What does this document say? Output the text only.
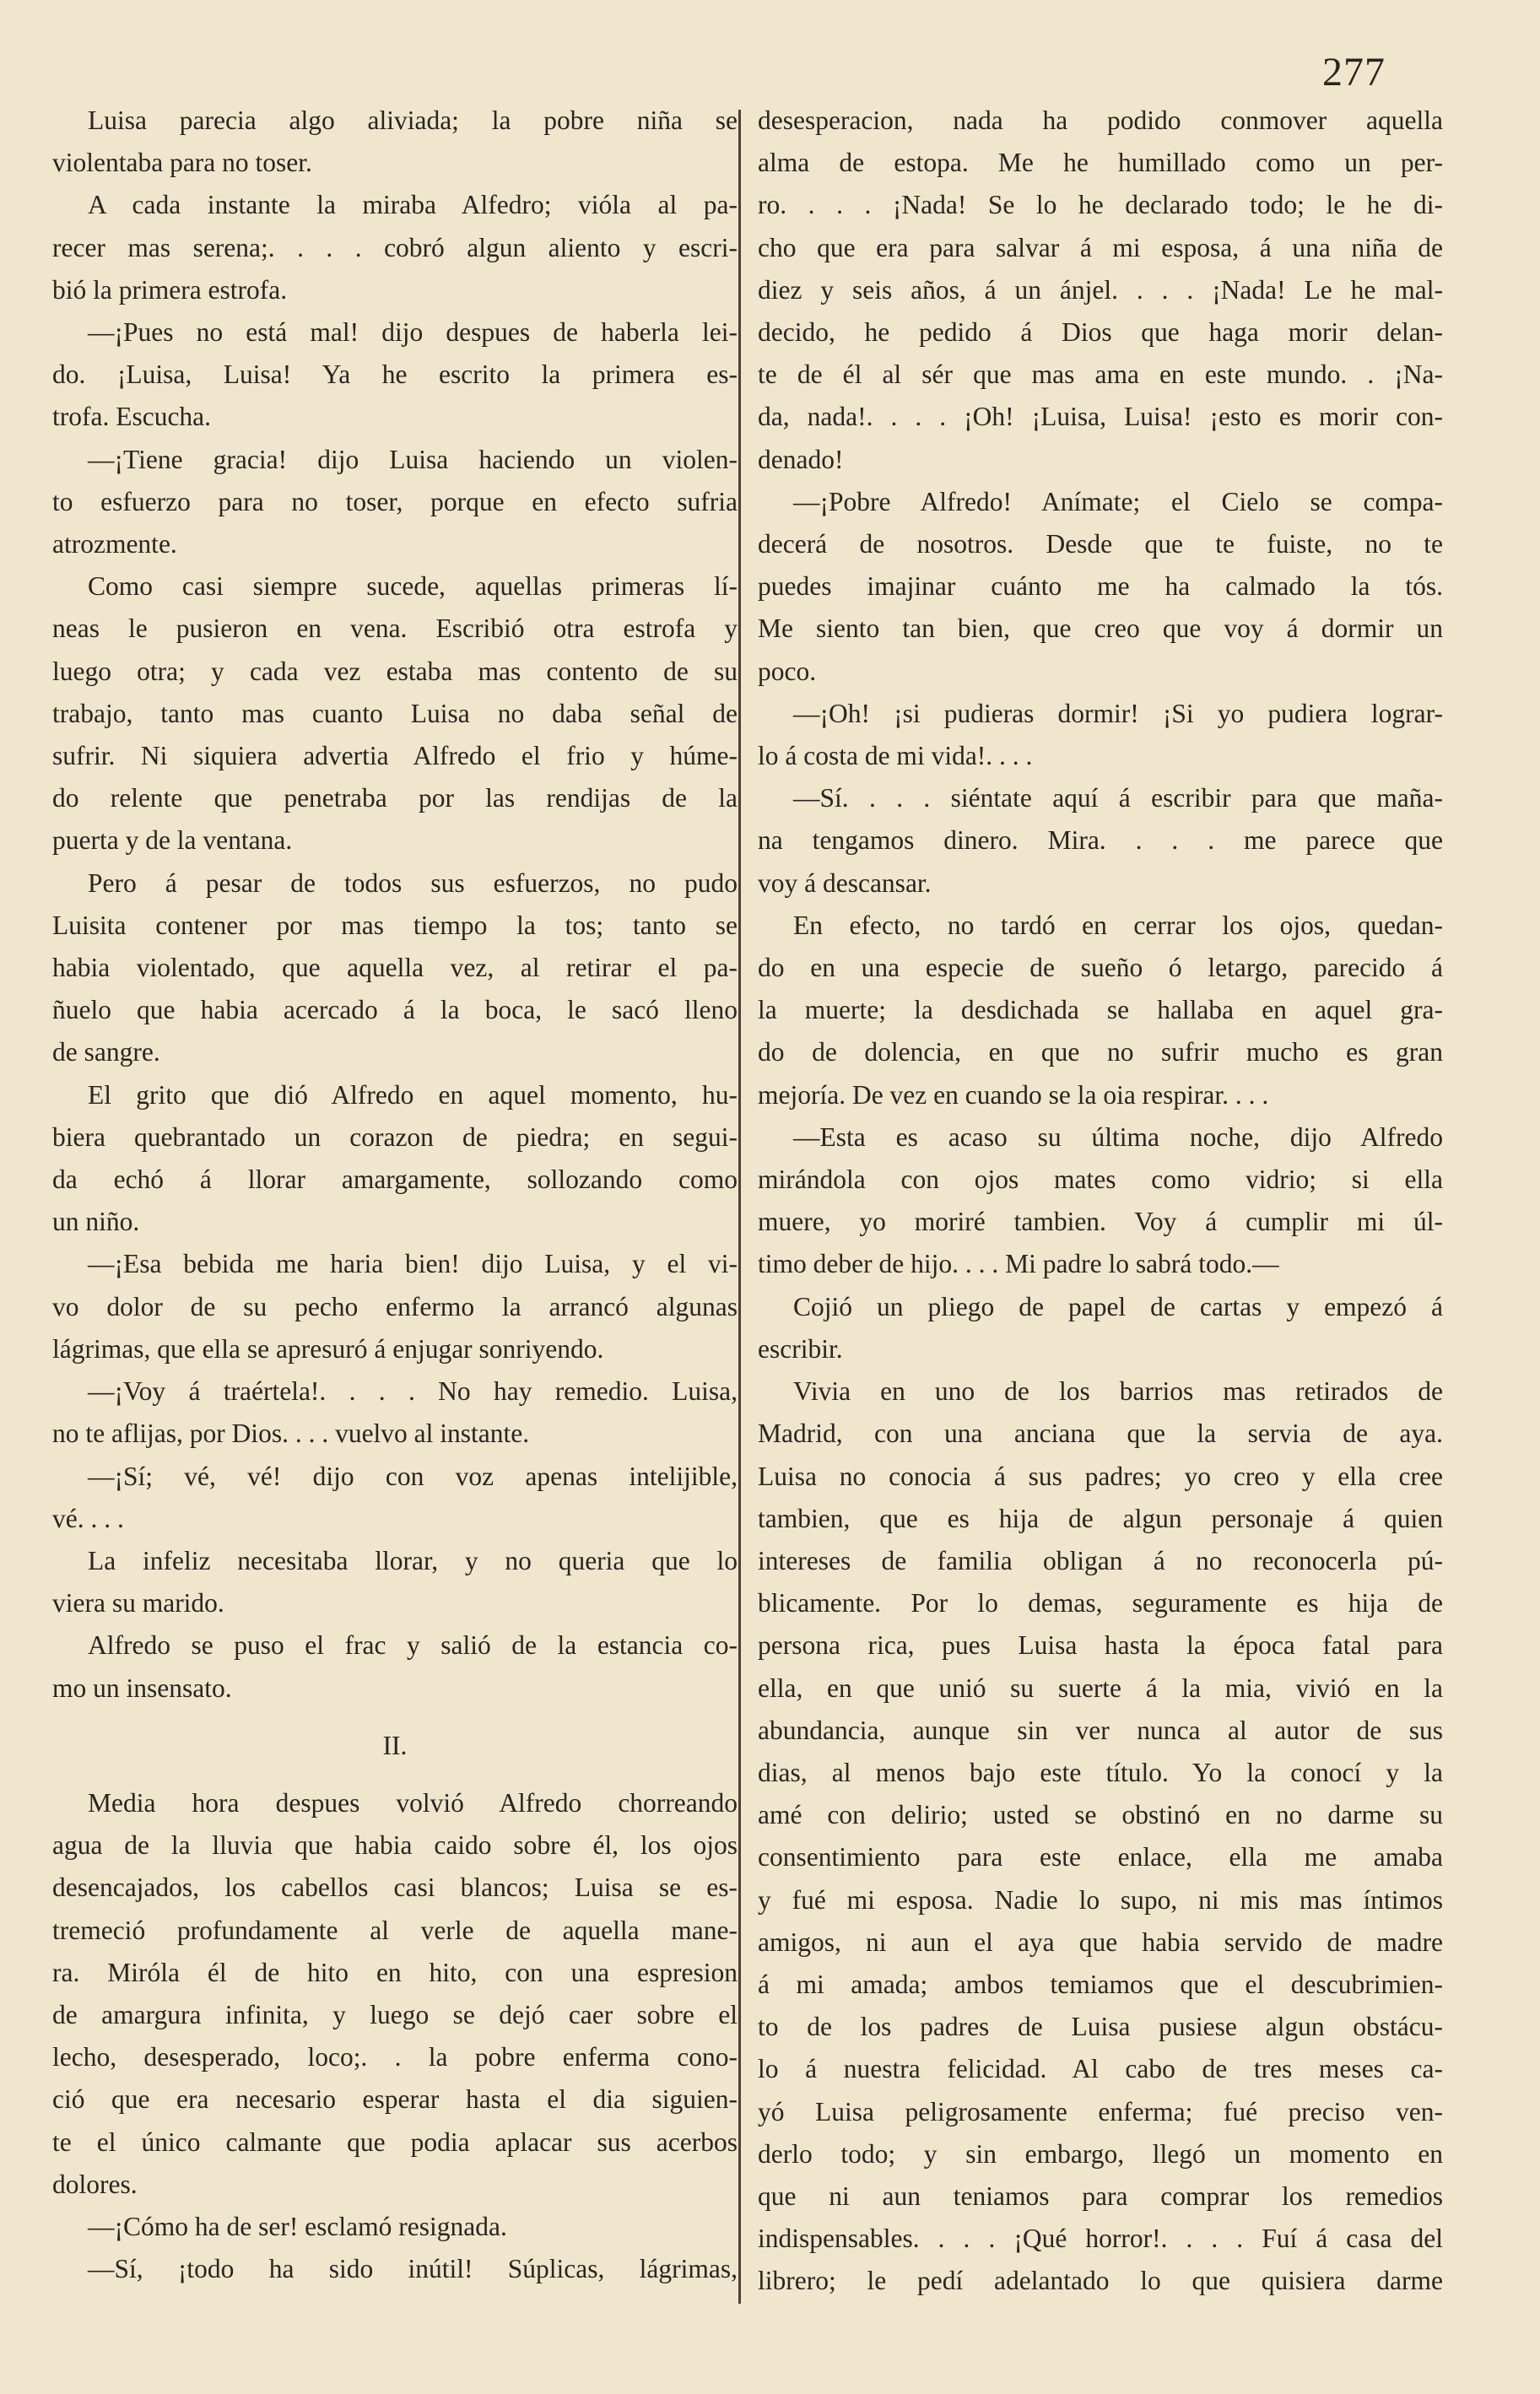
277

Luisa parecia algo aliviada; la pobre niña se

violentaba para no toser.

A cada instante la miraba Alfedro; vióla al pa-

recer mas serena;. . . . cobró algun aliento y escri-

bió la primera estrofa.

—¡Pues no está mal! dijo despues de haberla lei-

do. ¡Luisa, Luisa! Ya he escrito la primera es-

trofa. Escucha.

—¡Tiene gracia! dijo Luisa haciendo un violen-

to esfuerzo para no toser, porque en efecto sufria

atrozmente.

Como casi siempre sucede, aquellas primeras lí-

neas le pusieron en vena. Escribió otra estrofa y

luego otra; y cada vez estaba mas contento de su

trabajo, tanto mas cuanto Luisa no daba señal de

sufrir. Ni siquiera advertia Alfredo el frio y húme-

do relente que penetraba por las rendijas de la

puerta y de la ventana.

Pero á pesar de todos sus esfuerzos, no pudo

Luisita contener por mas tiempo la tos; tanto se

habia violentado, que aquella vez, al retirar el pa-

ñuelo que habia acercado á la boca, le sacó lleno

de sangre.

El grito que dió Alfredo en aquel momento, hu-

biera quebrantado un corazon de piedra; en segui-

da echó á llorar amargamente, sollozando como

un niño.

—¡Esa bebida me haria bien! dijo Luisa, y el vi-

vo dolor de su pecho enfermo la arrancó algunas

lágrimas, que ella se apresuró á enjugar sonriyendo.

—¡Voy á traértela!. . . . No hay remedio. Luisa,

no te aflijas, por Dios. . . . vuelvo al instante.

—¡Sí; vé, vé! dijo con voz apenas intelijible,

vé. . . .

La infeliz necesitaba llorar, y no queria que lo

viera su marido.

Alfredo se puso el frac y salió de la estancia co-

mo un insensato.

II.

Media hora despues volvió Alfredo chorreando

agua de la lluvia que habia caido sobre él, los ojos

desencajados, los cabellos casi blancos; Luisa se es-

tremeció profundamente al verle de aquella mane-

ra. Miróla él de hito en hito, con una espresion

de amargura infinita, y luego se dejó caer sobre el

lecho, desesperado, loco;. . la pobre enferma cono-

ció que era necesario esperar hasta el dia siguien-

te el único calmante que podia aplacar sus acerbos

dolores.

—¡Cómo ha de ser! esclamó resignada.

—Sí, ¡todo ha sido inútil! Súplicas, lágrimas,

desesperacion, nada ha podido conmover aquella

alma de estopa. Me he humillado como un per-

ro. . . . ¡Nada! Se lo he declarado todo; le he di-

cho que era para salvar á mi esposa, á una niña de

diez y seis años, á un ánjel. . . . ¡Nada! Le he mal-

decido, he pedido á Dios que haga morir delan-

te de él al sér que mas ama en este mundo. . ¡Na-

da, nada!. . . . ¡Oh! ¡Luisa, Luisa! ¡esto es morir con-

denado!

—¡Pobre Alfredo! Anímate; el Cielo se compa-

decerá de nosotros. Desde que te fuiste, no te

puedes imajinar cuánto me ha calmado la tós.

Me siento tan bien, que creo que voy á dormir un

poco.

—¡Oh! ¡si pudieras dormir! ¡Si yo pudiera lograr-

lo á costa de mi vida!. . . .

—Sí. . . . siéntate aquí á escribir para que maña-

na tengamos dinero. Mira. . . . me parece que

voy á descansar.

En efecto, no tardó en cerrar los ojos, quedan-

do en una especie de sueño ó letargo, parecido á

la muerte; la desdichada se hallaba en aquel gra-

do de dolencia, en que no sufrir mucho es gran

mejoría. De vez en cuando se la oia respirar. . . .

—Esta es acaso su última noche, dijo Alfredo

mirándola con ojos mates como vidrio; si ella

muere, yo moriré tambien. Voy á cumplir mi úl-

timo deber de hijo. . . . Mi padre lo sabrá todo.—

Cojió un pliego de papel de cartas y empezó á

escribir.

Vivia en uno de los barrios mas retirados de

Madrid, con una anciana que la servia de aya.

Luisa no conocia á sus padres; yo creo y ella cree

tambien, que es hija de algun personaje á quien

intereses de familia obligan á no reconocerla pú-

blicamente. Por lo demas, seguramente es hija de

persona rica, pues Luisa hasta la época fatal para

ella, en que unió su suerte á la mia, vivió en la

abundancia, aunque sin ver nunca al autor de sus

dias, al menos bajo este título. Yo la conocí y la

amé con delirio; usted se obstinó en no darme su

consentimiento para este enlace, ella me amaba

y fué mi esposa. Nadie lo supo, ni mis mas íntimos

amigos, ni aun el aya que habia servido de madre

á mi amada; ambos temiamos que el descubrimien-

to de los padres de Luisa pusiese algun obstácu-

lo á nuestra felicidad. Al cabo de tres meses ca-

yó Luisa peligrosamente enferma; fué preciso ven-

derlo todo; y sin embargo, llegó un momento en

que ni aun teniamos para comprar los remedios

indispensables. . . . ¡Qué horror!. . . . Fuí á casa del

librero; le pedí adelantado lo que quisiera darme
